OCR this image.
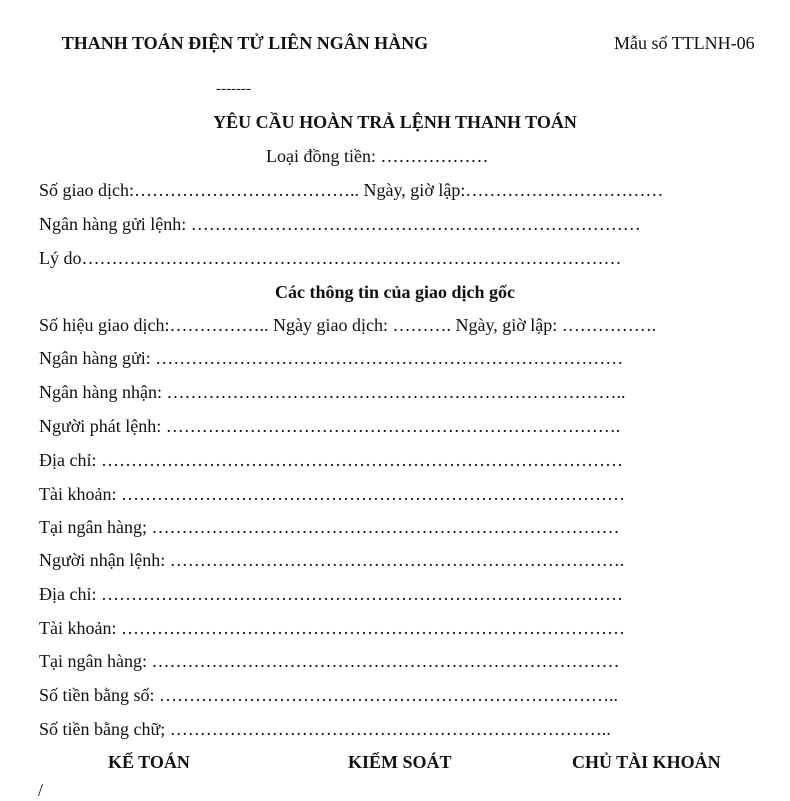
THANH TOÁN ĐIỆN TỬ LIÊN NGÂN HÀNG
-------
Mẫu số TTLNH-06
YÊU CẦU HOÀN TRẢ LỆNH THANH TOÁN
Loại đồng tiền: ………………
Số giao dịch:……………………………….. Ngày, giờ lập:……………………………
Ngân hàng gửi lệnh: …………………………………………………………………
Lý do………………………………………………………………………………
Các thông tin của giao dịch gốc
Số hiệu giao dịch:…………….. Ngày giao dịch: ………. Ngày, giờ lập: …………….
Ngân hàng gửi: ……………………………………………………………………
Ngân hàng nhận: …………………………………………………………………..
Người phát lệnh: ………………………………………………………………….
Địa chỉ: ……………………………………………………………………………
Tài khoản: …………………………………………………………………………
Tại ngân hàng; ……………………………………………………………………
Người nhận lệnh: ………………………………………………………………….
Địa chỉ: ……………………………………………………………………………
Tài khoản: …………………………………………………………………………
Tại ngân hàng: ……………………………………………………………………
Số tiền bằng số: …………………………………………………………………..
Số tiền bằng chữ; ………………………………………………………………..
KẾ TOÁN	KIỂM SOÁT	CHỦ TÀI KHOẢN
/
